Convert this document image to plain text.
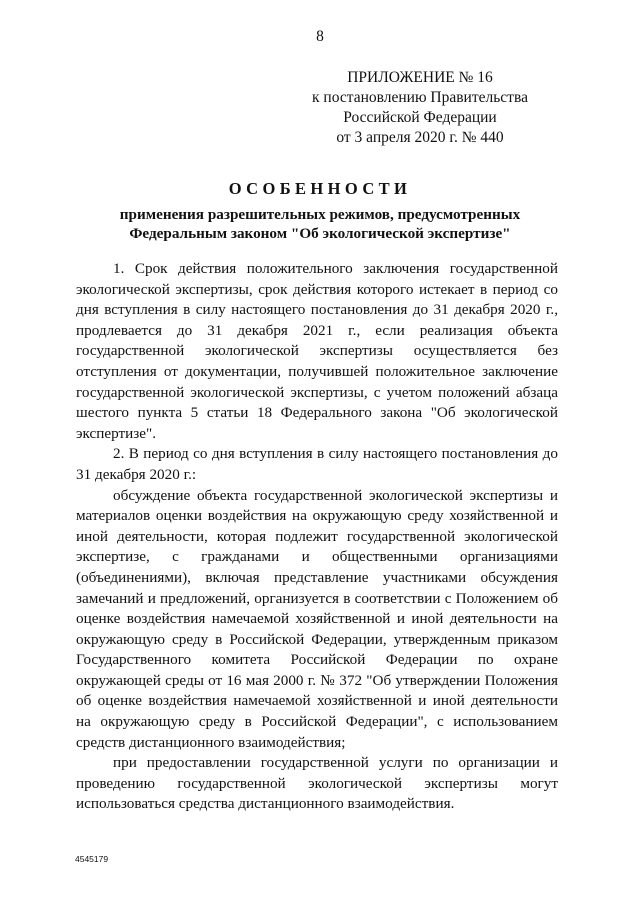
8
ПРИЛОЖЕНИЕ № 16
к постановлению Правительства
Российской Федерации
от 3 апреля 2020 г. № 440
ОСОБЕННОСТИ
применения разрешительных режимов, предусмотренных
Федеральным законом "Об экологической экспертизе"

1. Срок действия положительного заключения государственной экологической экспертизы, срок действия которого истекает в период со дня вступления в силу настоящего постановления до 31 декабря 2020 г., продлевается до 31 декабря 2021 г., если реализация объекта государственной экологической экспертизы осуществляется без отступления от документации, получившей положительное заключение государственной экологической экспертизы, с учетом положений абзаца шестого пункта 5 статьи 18 Федерального закона "Об экологической экспертизе".

2. В период со дня вступления в силу настоящего постановления до 31 декабря 2020 г.:

обсуждение объекта государственной экологической экспертизы и материалов оценки воздействия на окружающую среду хозяйственной и иной деятельности, которая подлежит государственной экологической экспертизе, с гражданами и общественными организациями (объединениями), включая представление участниками обсуждения замечаний и предложений, организуется в соответствии с Положением об оценке воздействия намечаемой хозяйственной и иной деятельности на окружающую среду в Российской Федерации, утвержденным приказом Государственного комитета Российской Федерации по охране окружающей среды от 16 мая 2000 г. № 372 "Об утверждении Положения об оценке воздействия намечаемой хозяйственной и иной деятельности на окружающую среду в Российской Федерации", с использованием средств дистанционного взаимодействия;

при предоставлении государственной услуги по организации и проведению государственной экологической экспертизы могут использоваться средства дистанционного взаимодействия.

4545179
